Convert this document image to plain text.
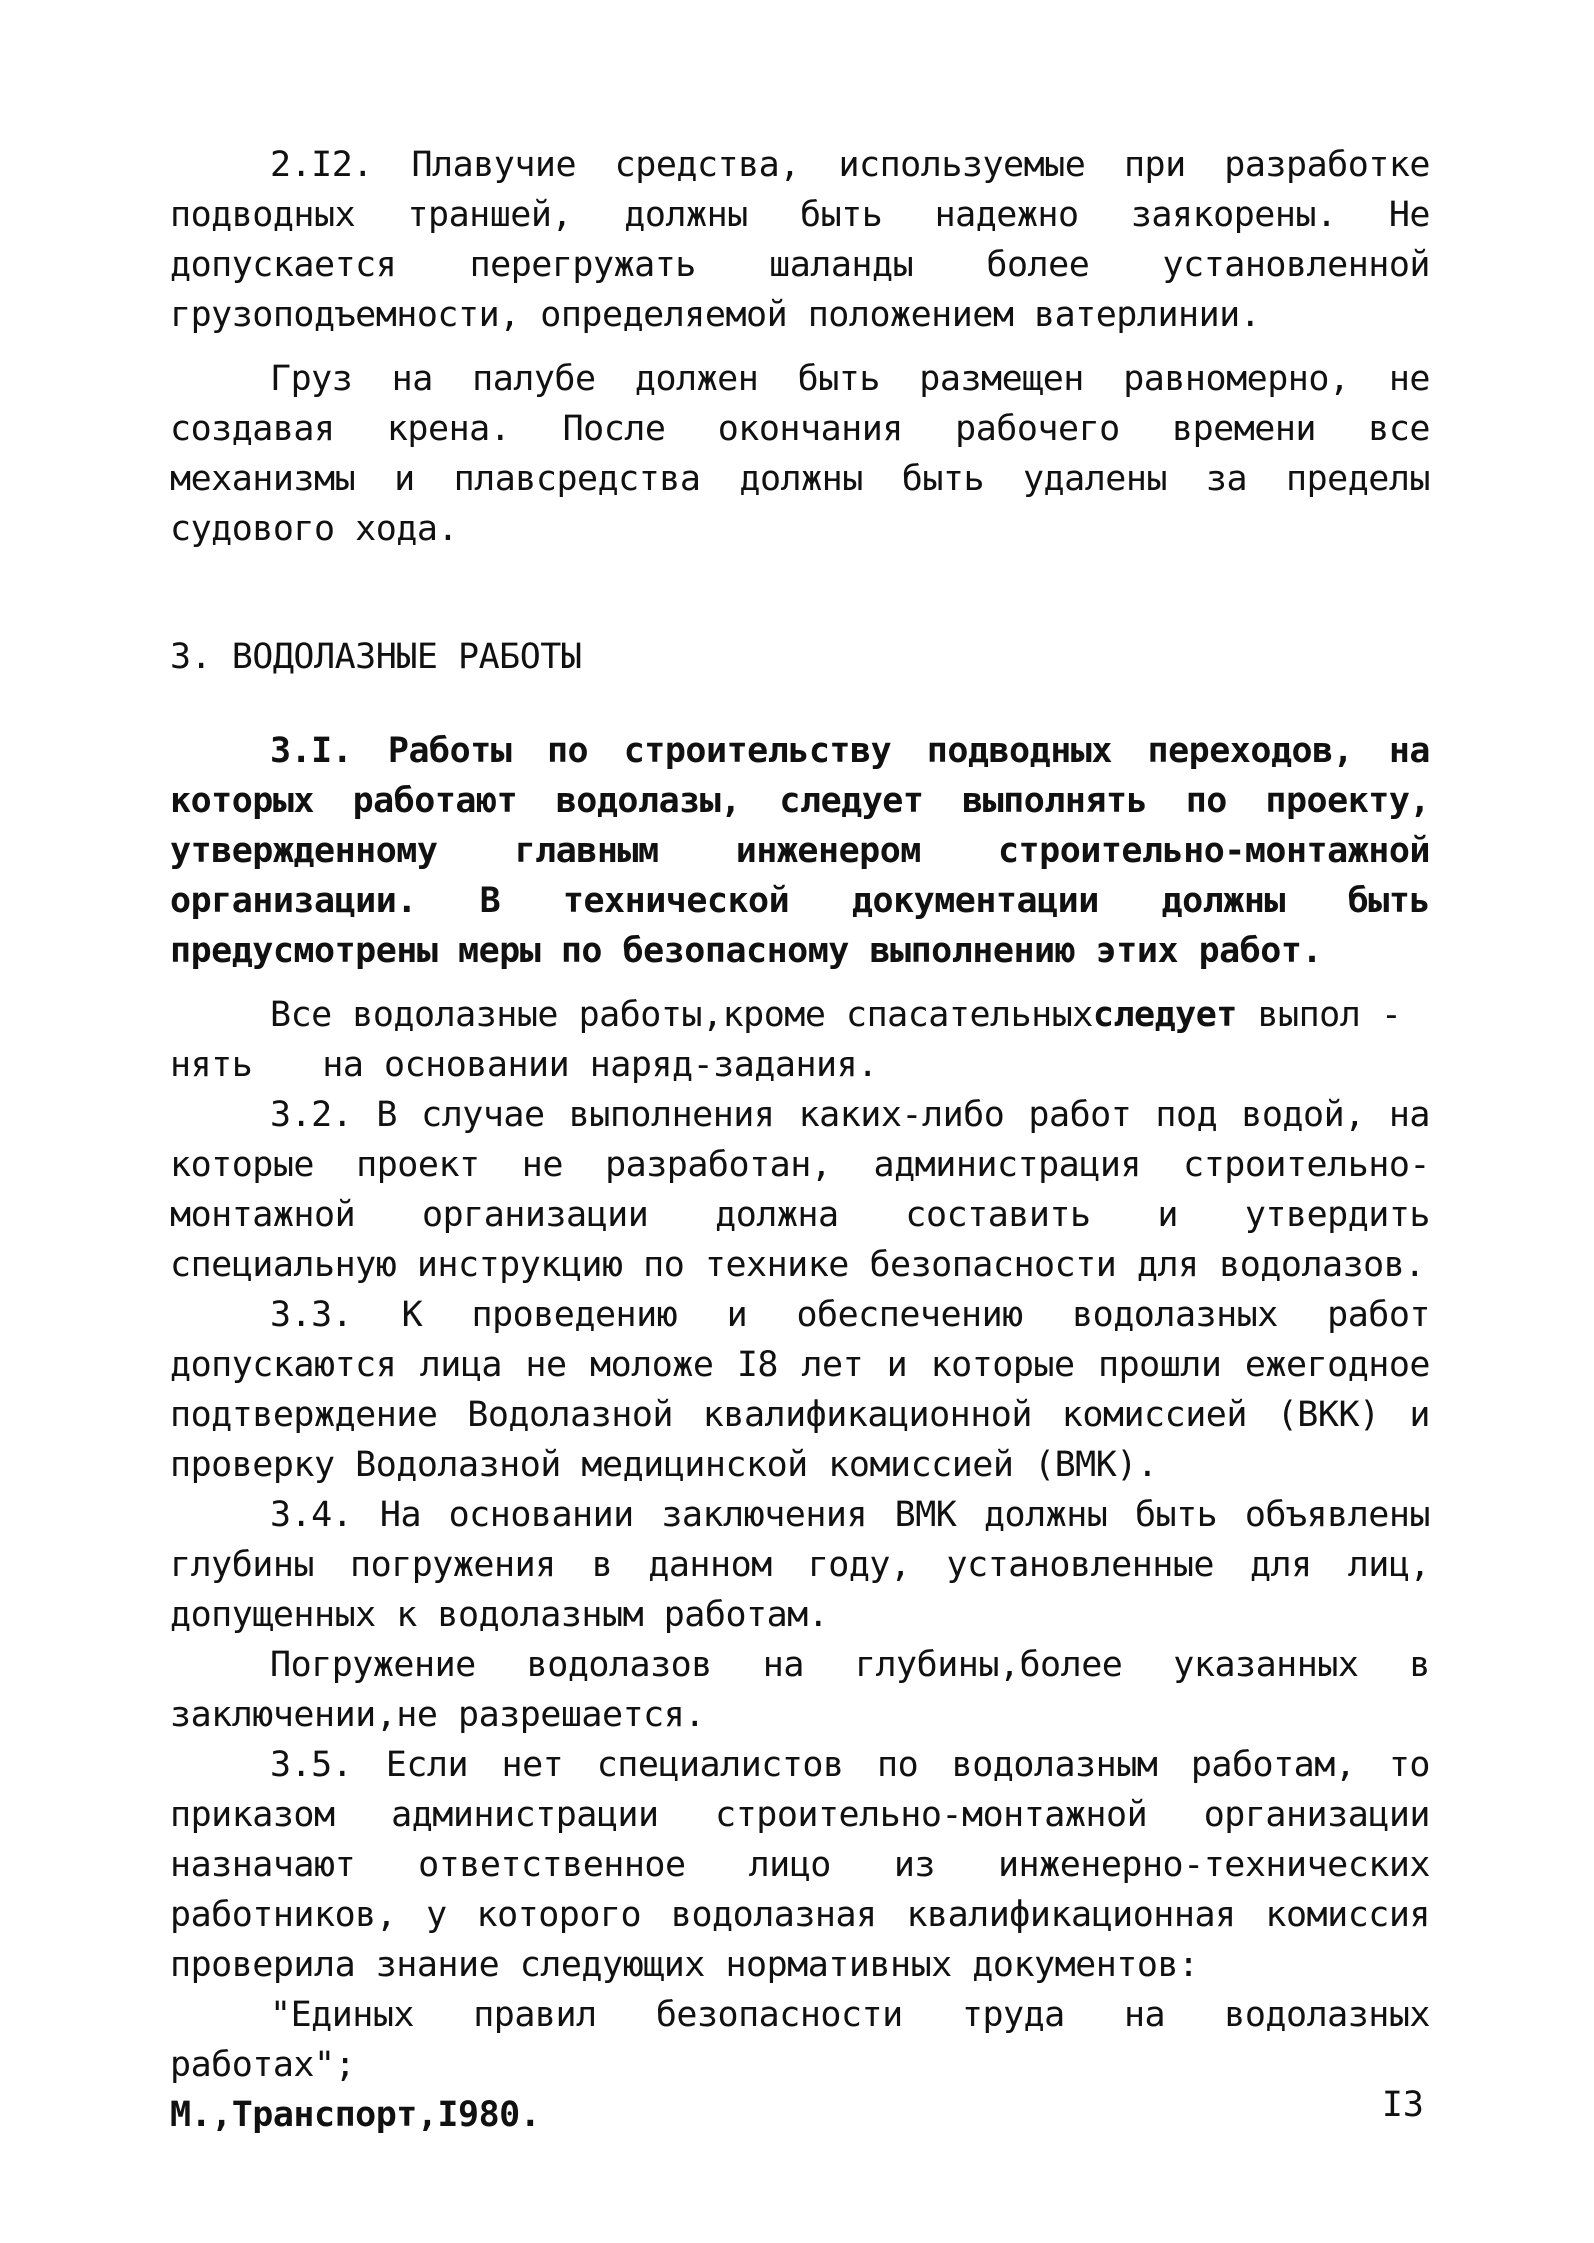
2.I2. Плавучие средства, используемые при разработке подводных траншей, должны быть надежно заякорены. Не допускается перегружать шаланды более установленной грузоподъемности, определяемой положением ватерлинии.

Груз на палубе должен быть размещен равномерно, не создавая крена. После окончания рабочего времени все механизмы и плавсредства должны быть удалены за пределы судового хода.

3. ВОДОЛАЗНЫЕ РАБОТЫ

3.I. Работы по строительству подводных переходов, на которых работают водолазы, следует выполнять по проекту, утвержденному главным инженером строительно-монтажной организации. В технической документации должны быть предусмотрены меры по безопасному выполнению этих работ.

Все водолазные работы,кроме спасательныхследует выпол -
нять на основании наряд-задания.

3.2. В случае выполнения каких-либо работ под водой, на которые проект не разработан, администрация строительно-монтажной организации должна составить и утвердить специальную инструкцию по технике безопасности для водолазов.

3.3. К проведению и обеспечению водолазных работ допускаются лица не моложе I8 лет и которые прошли ежегодное подтверждение Водолазной квалификационной комиссией (ВКК) и проверку Водолазной медицинской комиссией (ВМК).

3.4. На основании заключения ВМК должны быть объявлены глубины погружения в данном году, установленные для лиц, допущенных к водолазным работам.

Погружение водолазов на глубины,более указанных в заключении,не разрешается.

3.5. Если нет специалистов по водолазным работам, то приказом администрации строительно-монтажной организации назначают ответственное лицо из инженерно-технических работников, у которого водолазная квалификационная комиссия проверила знание следующих нормативных документов:

"Единых правил безопасности труда на водолазных работах";

М.,Транспорт,I980.	I3
